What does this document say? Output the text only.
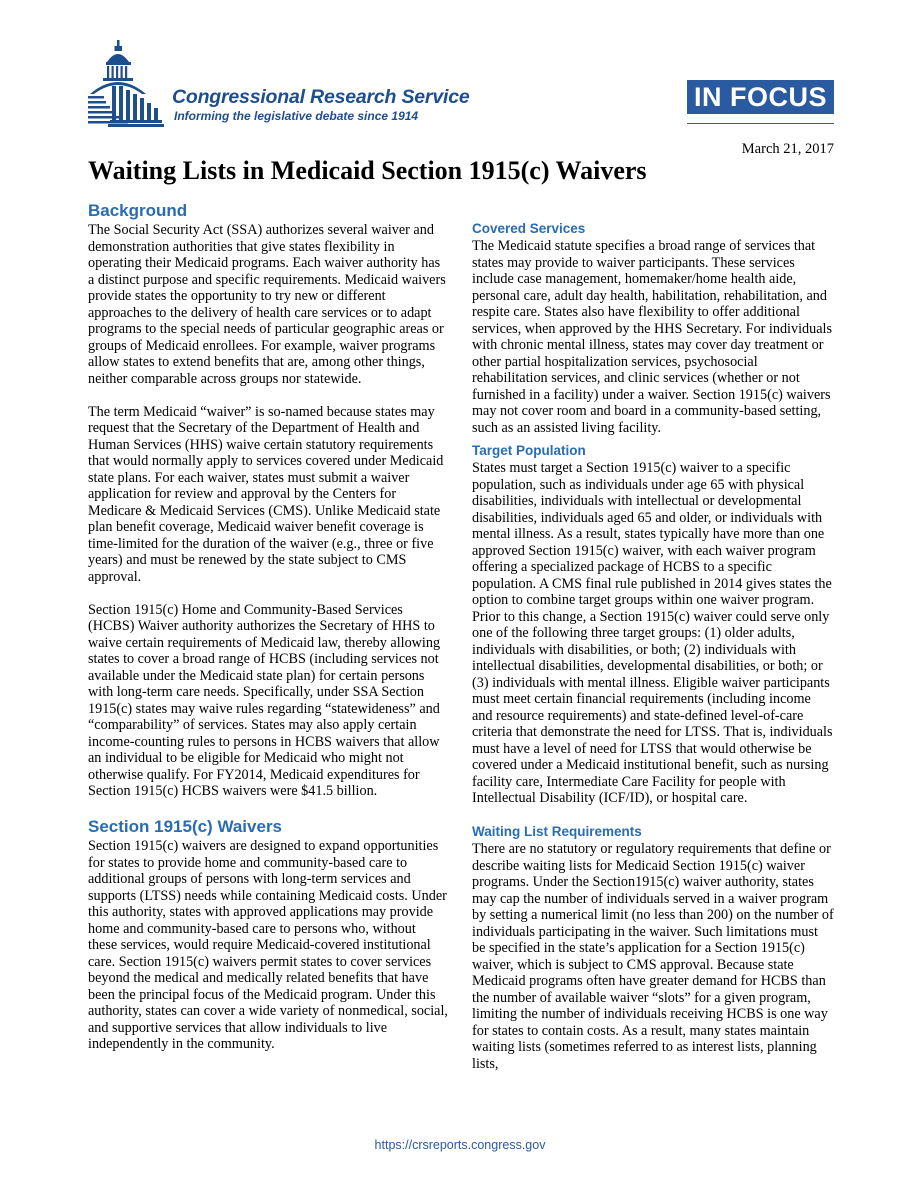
Congressional Research Service
Informing the legislative debate since 1914
IN FOCUS
March 21, 2017
Waiting Lists in Medicaid Section 1915(c) Waivers
Background

The Social Security Act (SSA) authorizes several waiver and demonstration authorities that give states flexibility in operating their Medicaid programs. Each waiver authority has a distinct purpose and specific requirements. Medicaid waivers provide states the opportunity to try new or different approaches to the delivery of health care services or to adapt programs to the special needs of particular geographic areas or groups of Medicaid enrollees. For example, waiver programs allow states to extend benefits that are, among other things, neither comparable across groups nor statewide.

The term Medicaid “waiver” is so-named because states may request that the Secretary of the Department of Health and Human Services (HHS) waive certain statutory requirements that would normally apply to services covered under Medicaid state plans. For each waiver, states must submit a waiver application for review and approval by the Centers for Medicare & Medicaid Services (CMS). Unlike Medicaid state plan benefit coverage, Medicaid waiver benefit coverage is time-limited for the duration of the waiver (e.g., three or five years) and must be renewed by the state subject to CMS approval.

Section 1915(c) Home and Community-Based Services (HCBS) Waiver authority authorizes the Secretary of HHS to waive certain requirements of Medicaid law, thereby allowing states to cover a broad range of HCBS (including services not available under the Medicaid state plan) for certain persons with long-term care needs. Specifically, under SSA Section 1915(c) states may waive rules regarding “statewideness” and “comparability” of services. States may also apply certain income-counting rules to persons in HCBS waivers that allow an individual to be eligible for Medicaid who might not otherwise qualify. For FY2014, Medicaid expenditures for Section 1915(c) HCBS waivers were $41.5 billion.

Section 1915(c) Waivers

Section 1915(c) waivers are designed to expand opportunities for states to provide home and community-based care to additional groups of persons with long-term services and supports (LTSS) needs while containing Medicaid costs. Under this authority, states with approved applications may provide home and community-based care to persons who, without these services, would require Medicaid-covered institutional care. Section 1915(c) waivers permit states to cover services beyond the medical and medically related benefits that have been the principal focus of the Medicaid program. Under this authority, states can cover a wide variety of nonmedical, social, and supportive services that allow individuals to live independently in the community.

Covered Services

The Medicaid statute specifies a broad range of services that states may provide to waiver participants. These services include case management, homemaker/home health aide, personal care, adult day health, habilitation, rehabilitation, and respite care. States also have flexibility to offer additional services, when approved by the HHS Secretary. For individuals with chronic mental illness, states may cover day treatment or other partial hospitalization services, psychosocial rehabilitation services, and clinic services (whether or not furnished in a facility) under a waiver. Section 1915(c) waivers may not cover room and board in a community-based setting, such as an assisted living facility.

Target Population

States must target a Section 1915(c) waiver to a specific population, such as individuals under age 65 with physical disabilities, individuals with intellectual or developmental disabilities, individuals aged 65 and older, or individuals with mental illness. As a result, states typically have more than one approved Section 1915(c) waiver, with each waiver program offering a specialized package of HCBS to a specific population. A CMS final rule published in 2014 gives states the option to combine target groups within one waiver program. Prior to this change, a Section 1915(c) waiver could serve only one of the following three target groups: (1) older adults, individuals with disabilities, or both; (2) individuals with intellectual disabilities, developmental disabilities, or both; or (3) individuals with mental illness. Eligible waiver participants must meet certain financial requirements (including income and resource requirements) and state-defined level-of-care criteria that demonstrate the need for LTSS. That is, individuals must have a level of need for LTSS that would otherwise be covered under a Medicaid institutional benefit, such as nursing facility care, Intermediate Care Facility for people with Intellectual Disability (ICF/ID), or hospital care.

Waiting List Requirements

There are no statutory or regulatory requirements that define or describe waiting lists for Medicaid Section 1915(c) waiver programs. Under the Section1915(c) waiver authority, states may cap the number of individuals served in a waiver program by setting a numerical limit (no less than 200) on the number of individuals participating in the waiver. Such limitations must be specified in the state’s application for a Section 1915(c) waiver, which is subject to CMS approval. Because state Medicaid programs often have greater demand for HCBS than the number of available waiver “slots” for a given program, limiting the number of individuals receiving HCBS is one way for states to contain costs. As a result, many states maintain waiting lists (sometimes referred to as interest lists, planning lists,

https://crsreports.congress.gov
